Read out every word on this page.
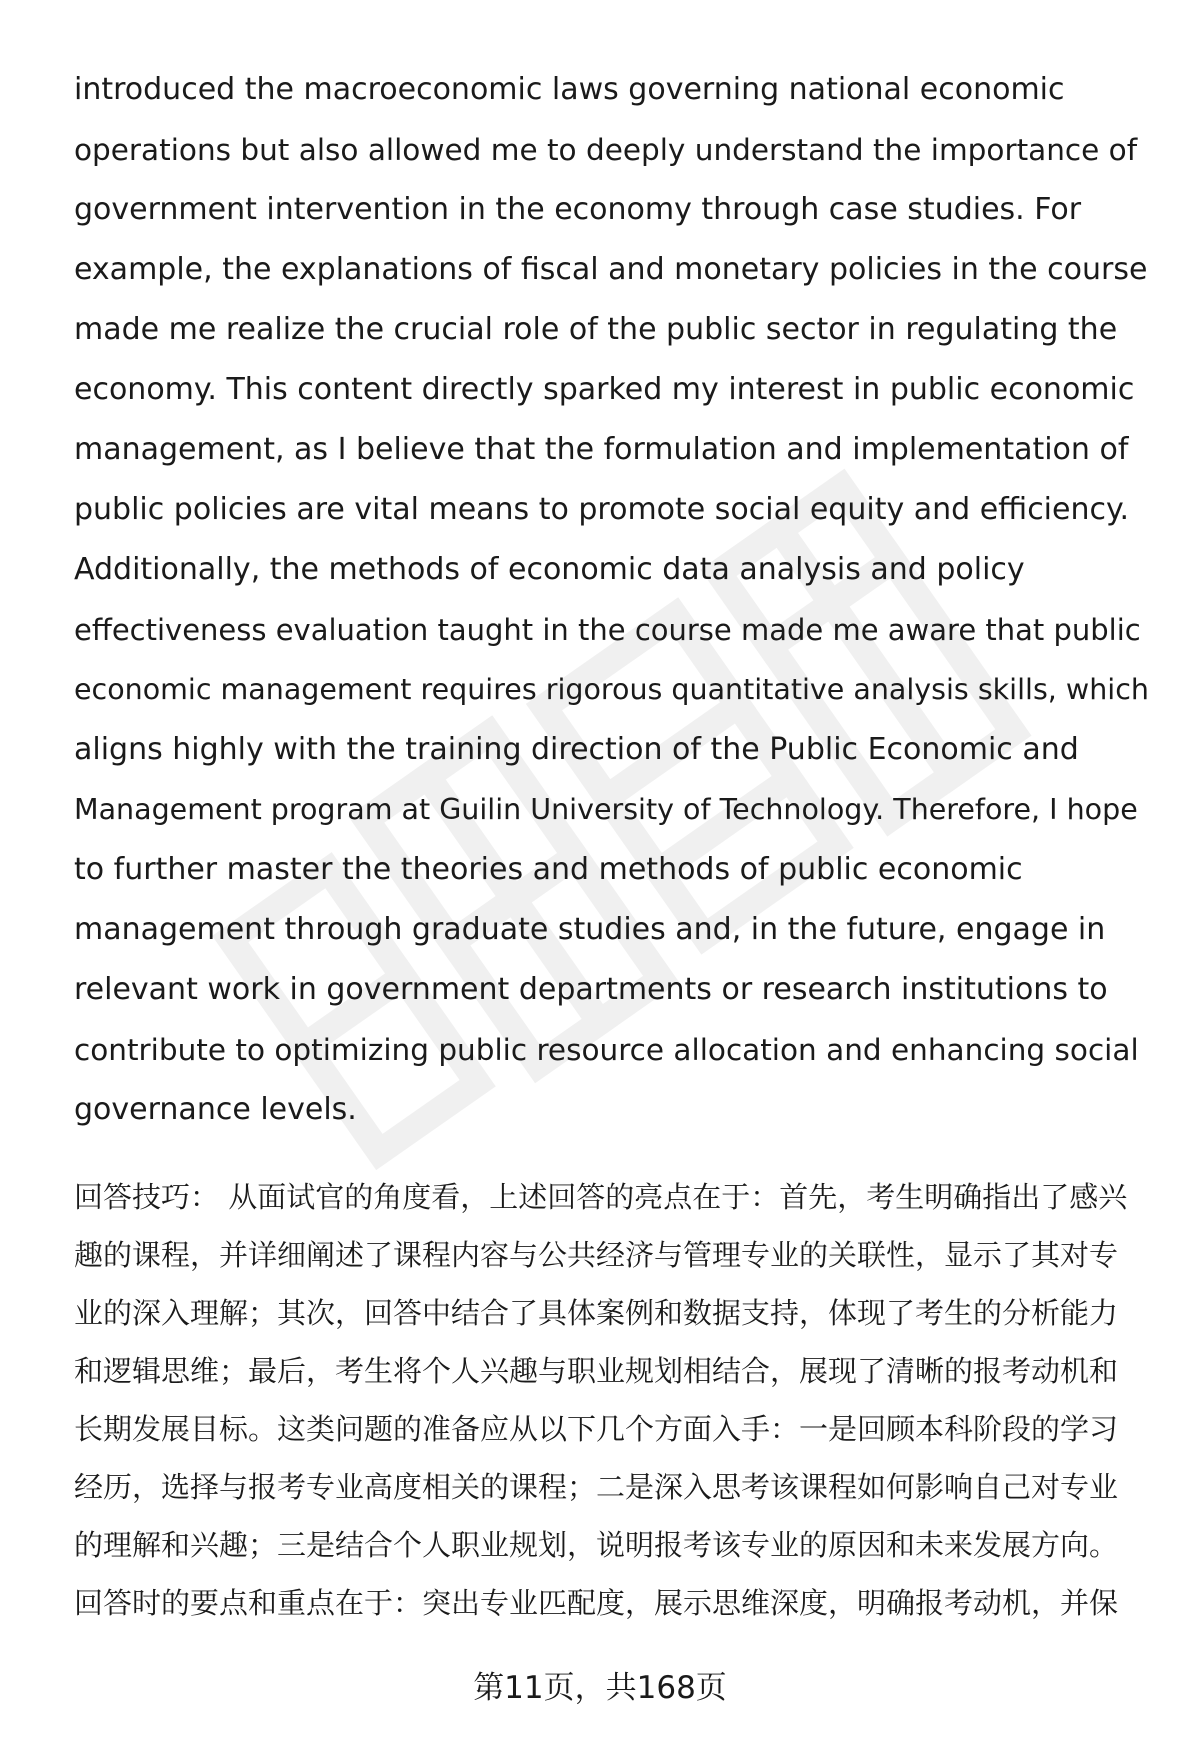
introduced the macroeconomic laws governing national economic
operations but also allowed me to deeply understand the importance of
government intervention in the economy through case studies. For
example, the explanations of fiscal and monetary policies in the course
made me realize the crucial role of the public sector in regulating the
economy. This content directly sparked my interest in public economic
management, as I believe that the formulation and implementation of
public policies are vital means to promote social equity and efficiency.
Additionally, the methods of economic data analysis and policy
effectiveness evaluation taught in the course made me aware that public
economic management requires rigorous quantitative analysis skills, which
aligns highly with the training direction of the Public Economic and
Management program at Guilin University of Technology. Therefore, I hope
to further master the theories and methods of public economic
management through graduate studies and, in the future, engage in
relevant work in government departments or research institutions to
contribute to optimizing public resource allocation and enhancing social
governance levels.
回答技巧： 从面试官的角度看，上述回答的亮点在于：首先，考生明确指出了感兴
趣的课程，并详细阐述了课程内容与公共经济与管理专业的关联性，显示了其对专
业的深入理解；其次，回答中结合了具体案例和数据支持，体现了考生的分析能力
和逻辑思维；最后，考生将个人兴趣与职业规划相结合，展现了清晰的报考动机和
长期发展目标。这类问题的准备应从以下几个方面入手：一是回顾本科阶段的学习
经历，选择与报考专业高度相关的课程；二是深入思考该课程如何影响自己对专业
的理解和兴趣；三是结合个人职业规划，说明报考该专业的原因和未来发展方向。
回答时的要点和重点在于：突出专业匹配度，展示思维深度，明确报考动机，并保
第11页，共168页
